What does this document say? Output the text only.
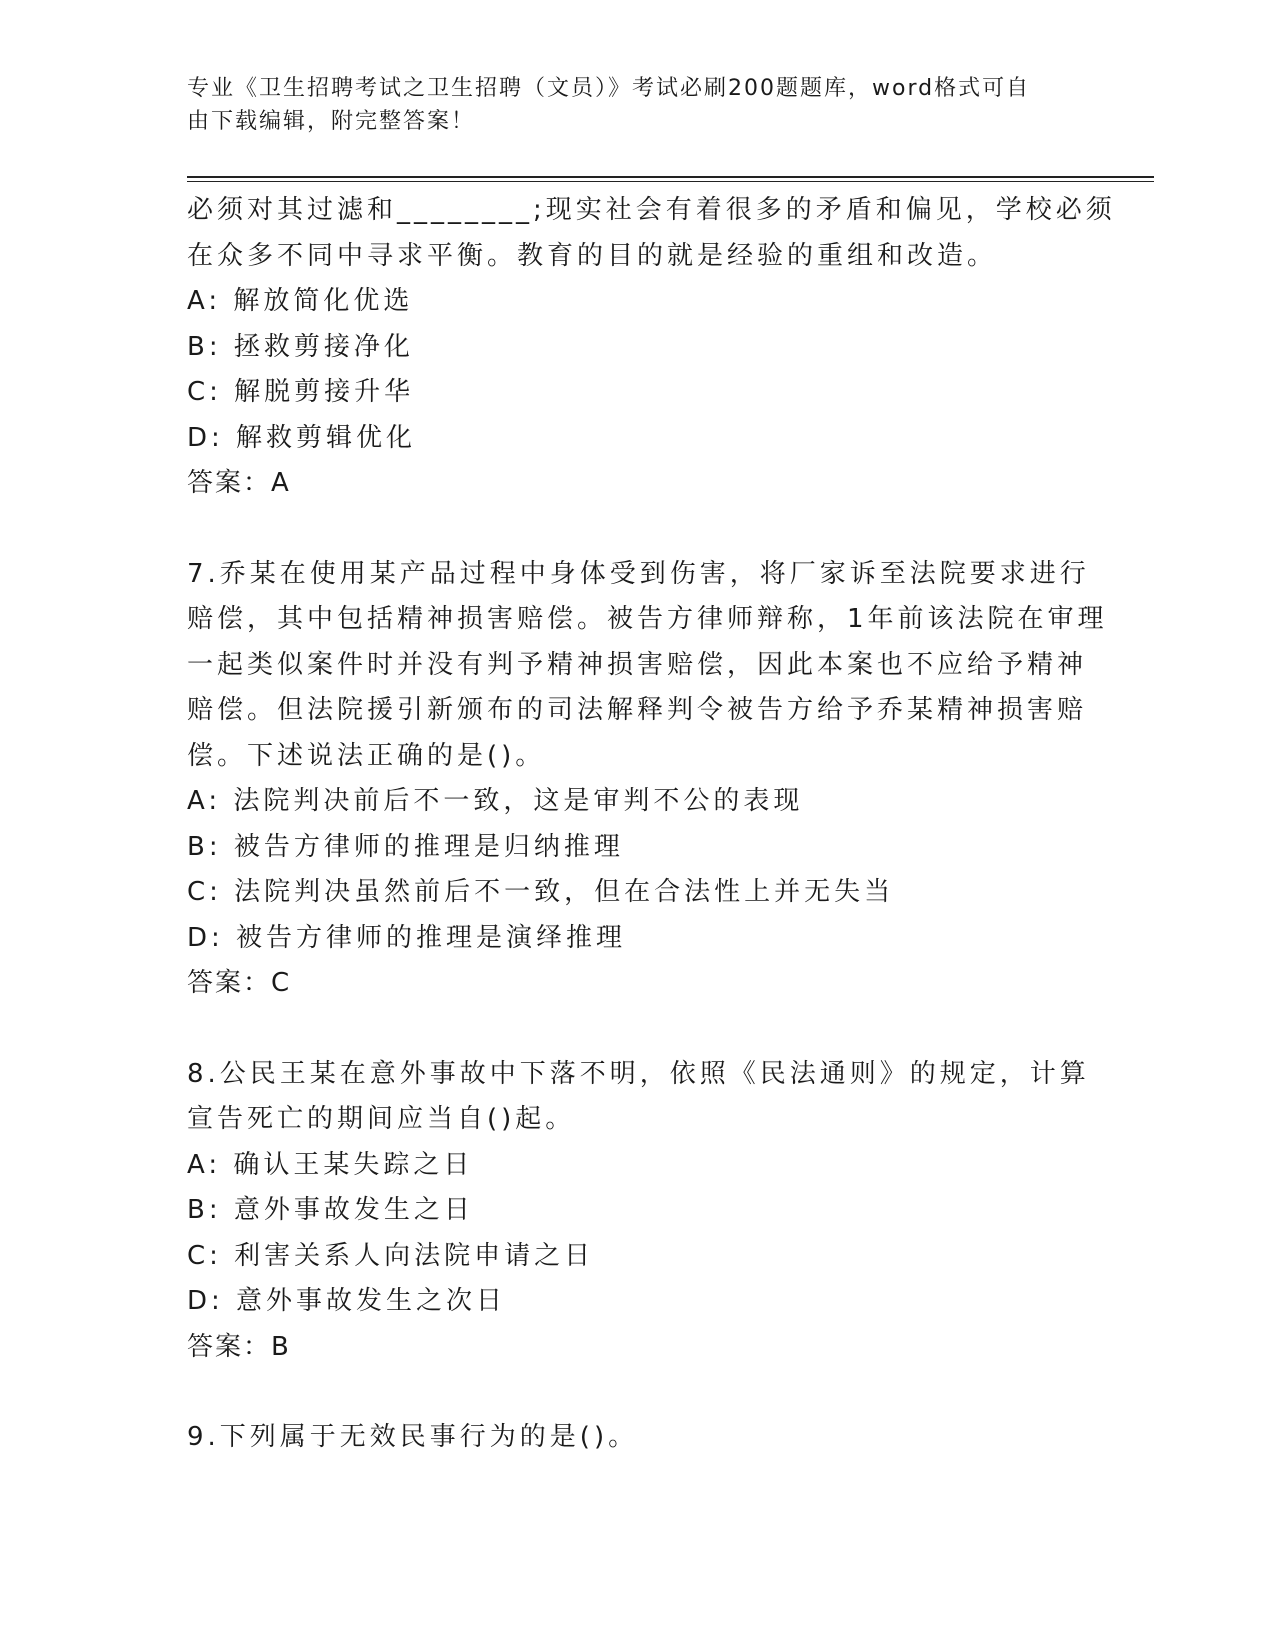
专业《卫生招聘考试之卫生招聘（文员）》考试必刷200题题库，word格式可自
由下载编辑，附完整答案！
必须对其过滤和________;现实社会有着很多的矛盾和偏见，学校必须
在众多不同中寻求平衡。教育的目的就是经验的重组和改造。
A: 解放简化优选
B: 拯救剪接净化
C: 解脱剪接升华
D: 解救剪辑优化
答案：A
7.乔某在使用某产品过程中身体受到伤害，将厂家诉至法院要求进行
赔偿，其中包括精神损害赔偿。被告方律师辩称，1年前该法院在审理
一起类似案件时并没有判予精神损害赔偿，因此本案也不应给予精神
赔偿。但法院援引新颁布的司法解释判令被告方给予乔某精神损害赔
偿。下述说法正确的是()。
A: 法院判决前后不一致，这是审判不公的表现
B: 被告方律师的推理是归纳推理
C: 法院判决虽然前后不一致，但在合法性上并无失当
D: 被告方律师的推理是演绎推理
答案：C
8.公民王某在意外事故中下落不明，依照《民法通则》的规定，计算
宣告死亡的期间应当自()起。
A: 确认王某失踪之日
B: 意外事故发生之日
C: 利害关系人向法院申请之日
D: 意外事故发生之次日
答案：B
9.下列属于无效民事行为的是()。
